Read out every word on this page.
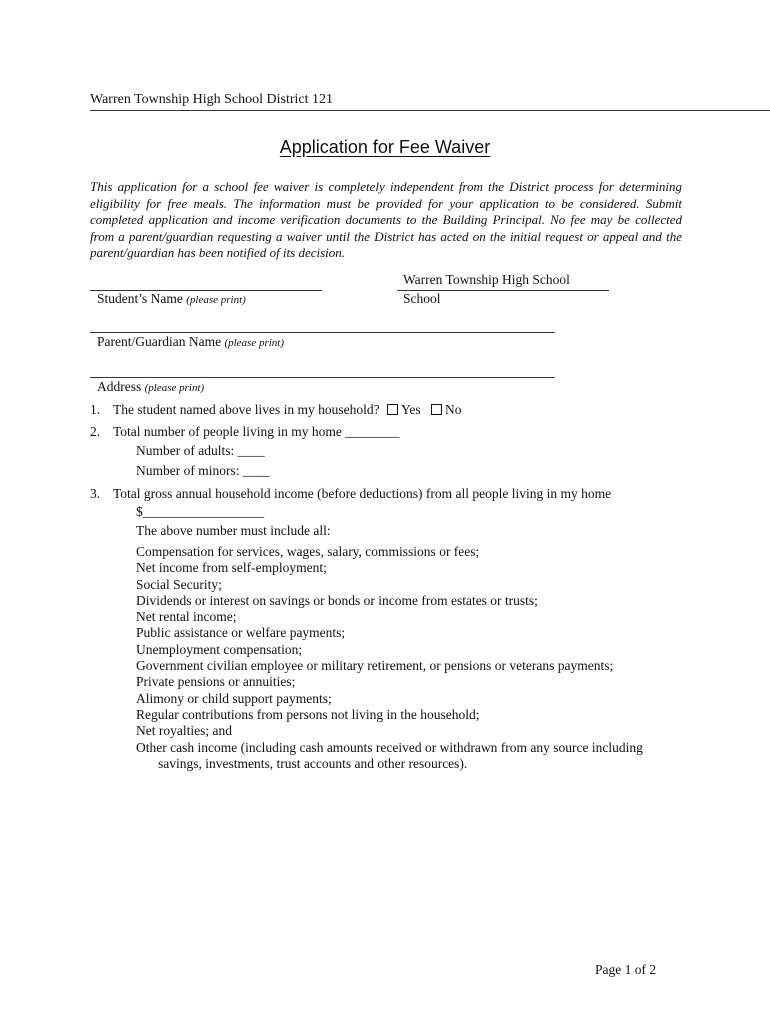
Warren Township High School District 121
Application for Fee Waiver
This application for a school fee waiver is completely independent from the District process for determining eligibility for free meals. The information must be provided for your application to be considered. Submit completed application and income verification documents to the Building Principal. No fee may be collected from a parent/guardian requesting a waiver until the District has acted on the initial request or appeal and the parent/guardian has been notified of its decision.
Student’s Name (please print)
Warren Township High School
School
Parent/Guardian Name (please print)
Address (please print)
1. The student named above lives in my household? Yes No
2. Total number of people living in my home ________
Number of adults: ____
Number of minors: ____
3. Total gross annual household income (before deductions) from all people living in my home
$__________________
The above number must include all:
Compensation for services, wages, salary, commissions or fees;
Net income from self-employment;
Social Security;
Dividends or interest on savings or bonds or income from estates or trusts;
Net rental income;
Public assistance or welfare payments;
Unemployment compensation;
Government civilian employee or military retirement, or pensions or veterans payments;
Private pensions or annuities;
Alimony or child support payments;
Regular contributions from persons not living in the household;
Net royalties; and
Other cash income (including cash amounts received or withdrawn from any source including
savings, investments, trust accounts and other resources).
Page 1 of 2
